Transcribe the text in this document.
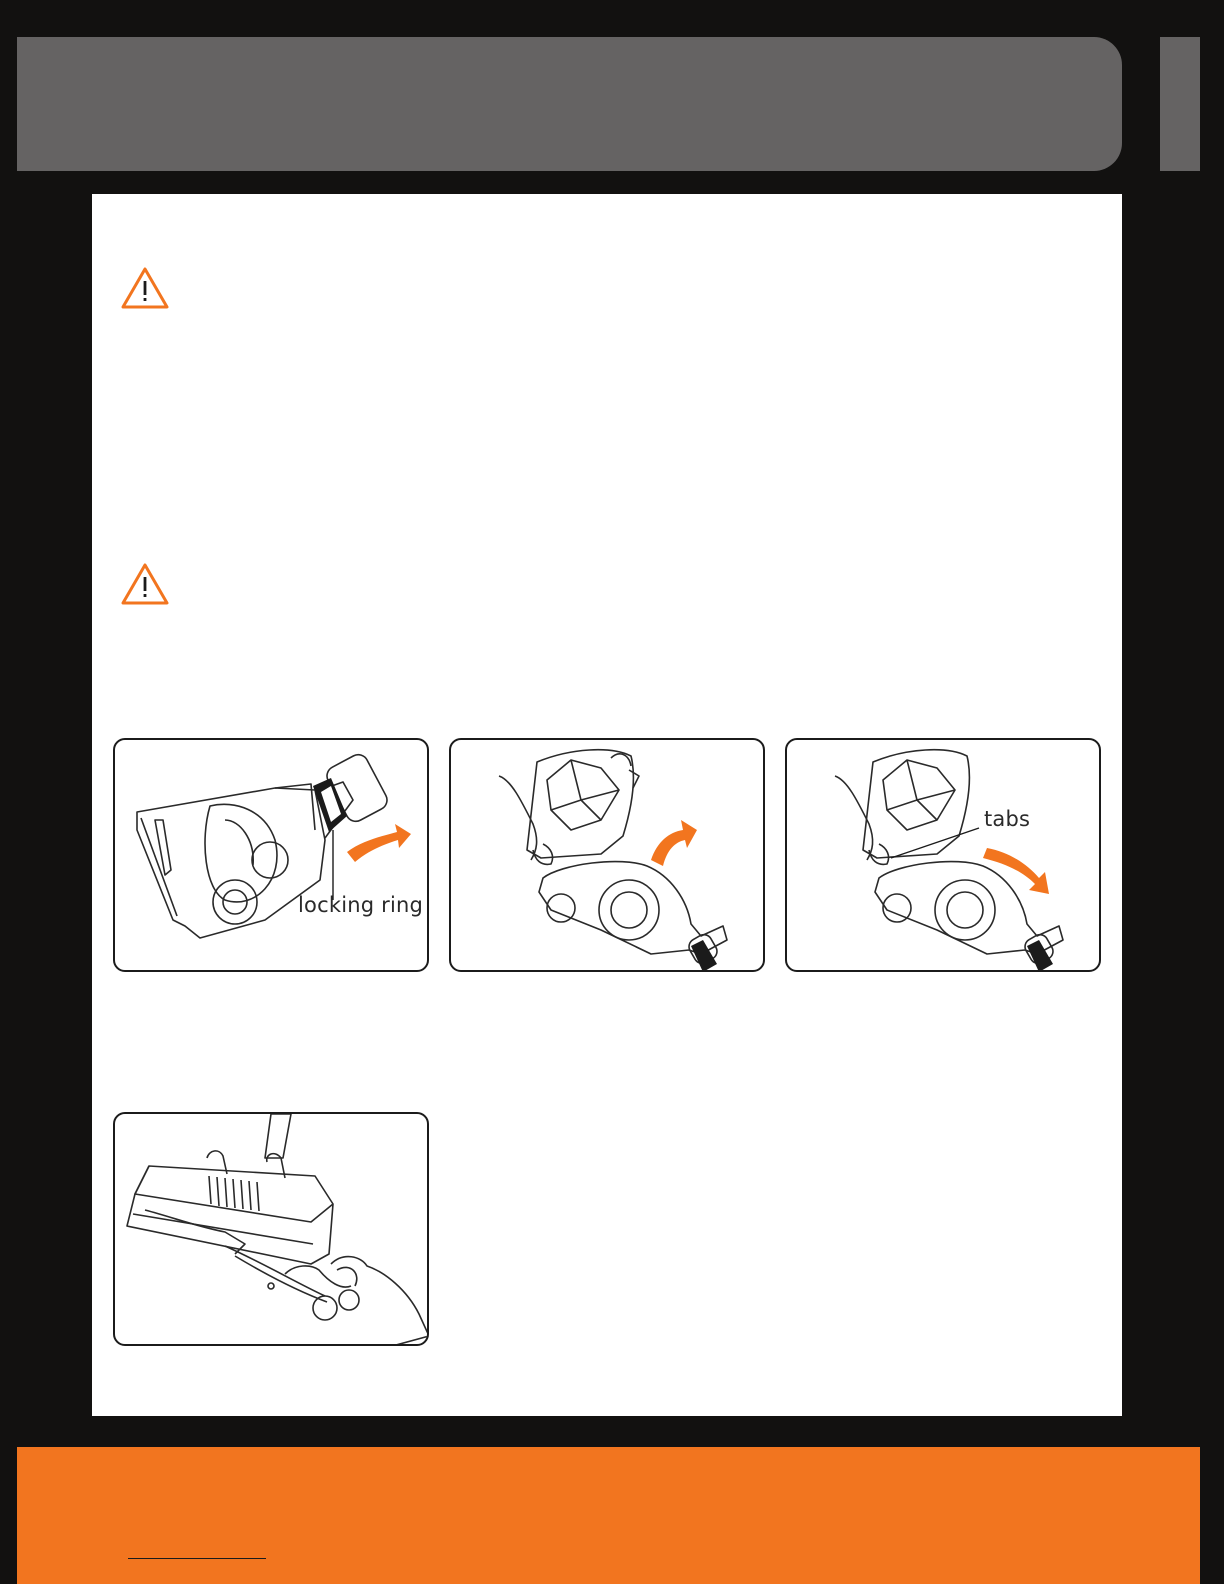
locking ring
tabs
